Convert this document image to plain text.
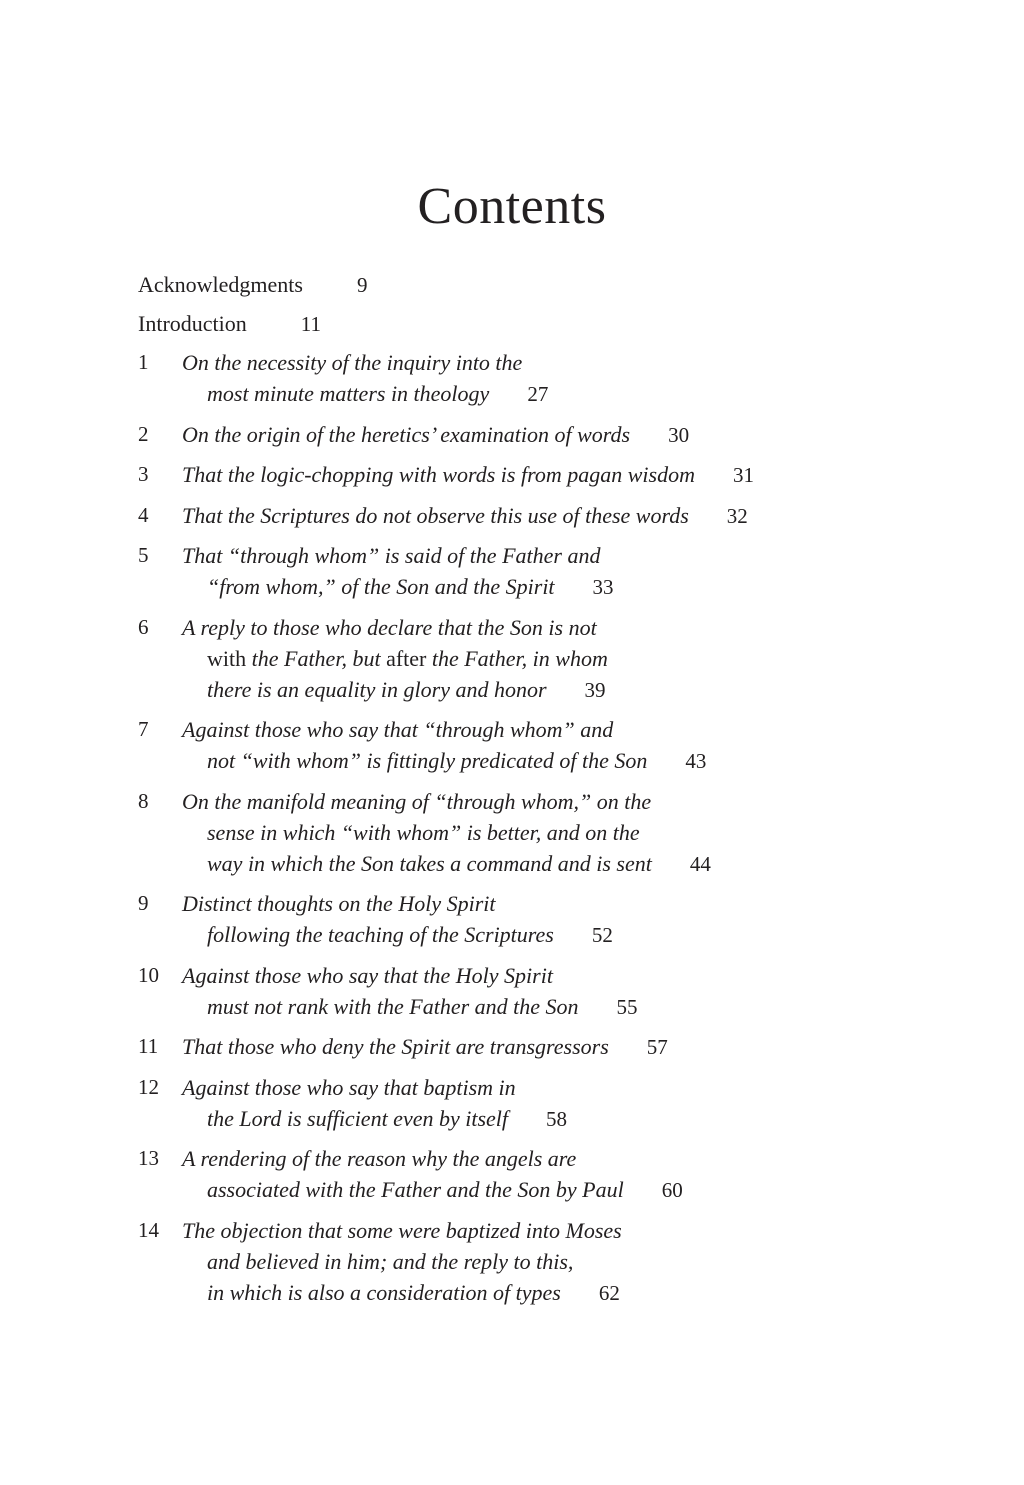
Contents
Acknowledgments	9
Introduction	11
1	On the necessity of the inquiry into the
most minute matters in theology 27
2	On the origin of the heretics’ examination of words 30
3	That the logic-chopping with words is from pagan wisdom 31
4	That the Scriptures do not observe this use of these words 32
5	That “through whom” is said of the Father and
“from whom,” of the Son and the Spirit 33
6	A reply to those who declare that the Son is not
with the Father, but after the Father, in whom
there is an equality in glory and honor 39
7	Against those who say that “through whom” and
not “with whom” is fittingly predicated of the Son 43
8	On the manifold meaning of “through whom,” on the
sense in which “with whom” is better, and on the
way in which the Son takes a command and is sent 44
9	Distinct thoughts on the Holy Spirit
following the teaching of the Scriptures 52
10	Against those who say that the Holy Spirit
must not rank with the Father and the Son 55
11	That those who deny the Spirit are transgressors 57
12	Against those who say that baptism in
the Lord is sufficient even by itself 58
13	A rendering of the reason why the angels are
associated with the Father and the Son by Paul 60
14	The objection that some were baptized into Moses
and believed in him; and the reply to this,
in which is also a consideration of types 62
